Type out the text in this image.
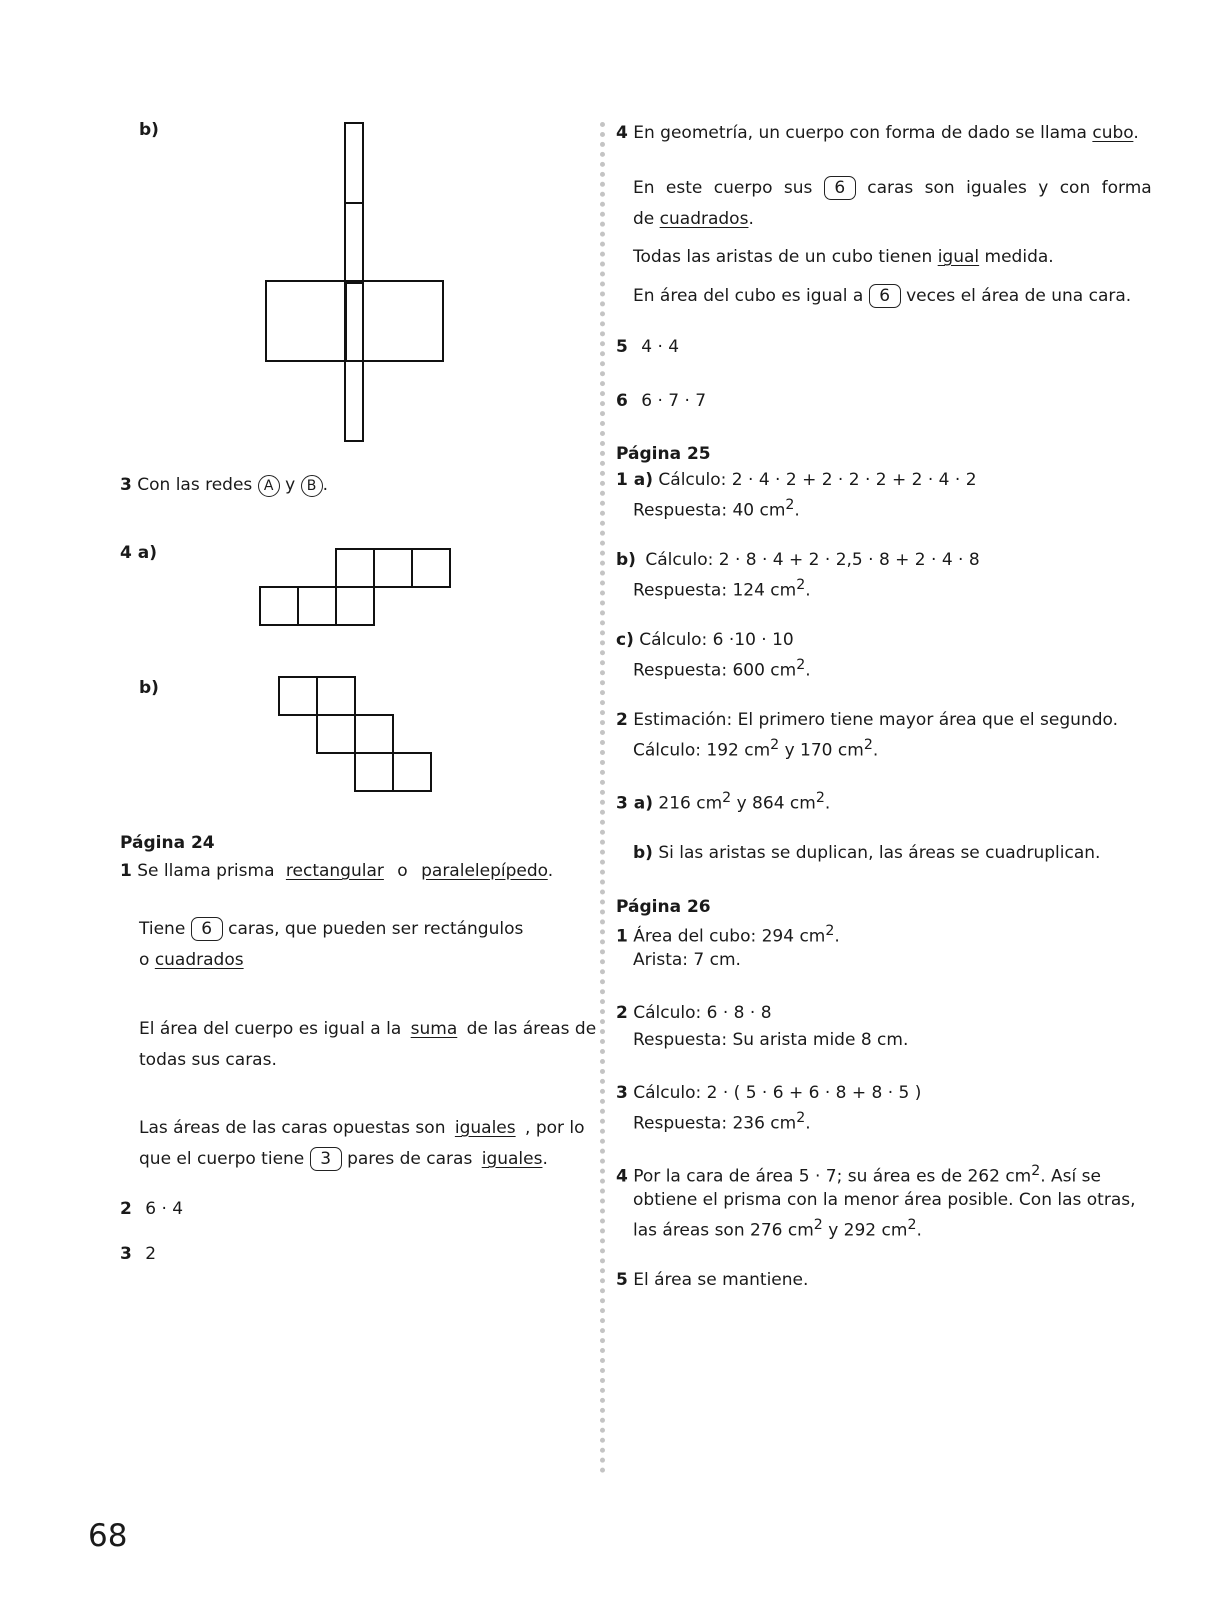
b)
3 Con las redes A y B .
4 a)
b)
Página 24
1 Se llama prisma rectangular o paralelepípedo.
Tiene 6 caras, que pueden ser rectángulos
o cuadrados
El área del cuerpo es igual a la suma de las áreas de
todas sus caras.
Las áreas de las caras opuestas son iguales , por lo
que el cuerpo tiene 3 pares de caras iguales.
2 6 · 4
3 2
4 En geometría, un cuerpo con forma de dado se llama cubo.
En este cuerpo sus 6 caras son iguales y con forma
de cuadrados.
Todas las aristas de un cubo tienen igual medida.
En área del cubo es igual a 6 veces el área de una cara.
5 4 · 4
6 6 · 7 · 7
Página 25
1 a) Cálculo: 2 · 4 · 2 + 2 · 2 · 2 + 2 · 4 · 2
Respuesta: 40 $cm^2$.
b) Cálculo: 2 · 8 · 4 + 2 · 2,5 · 8 + 2 · 4 · 8
Respuesta: 124 $cm^2$.
c) Cálculo: 6 ·10 · 10
Respuesta: 600 $cm^2$.
2 Estimación: El primero tiene mayor área que el segundo.
Cálculo: 192 $cm^2$ y 170 $cm^2$.
3 a) 216 $cm^2$ y 864 $cm^2$.
b) Si las aristas se duplican, las áreas se cuadruplican.
Página 26
1 Área del cubo: 294 $cm^2$.
Arista: 7 cm.
2 Cálculo: 6 · 8 · 8
Respuesta: Su arista mide 8 cm.
3 Cálculo: 2 · ( 5 · 6 + 6 · 8 + 8 · 5 )
Respuesta: 236 $cm^2$.
4 Por la cara de área 5 · 7; su área es de 262 $cm^2$. Así se
obtiene el prisma con la menor área posible. Con las otras,
las áreas son 276 $cm^2$ y 292 $cm^2$.
5 El área se mantiene.
68
